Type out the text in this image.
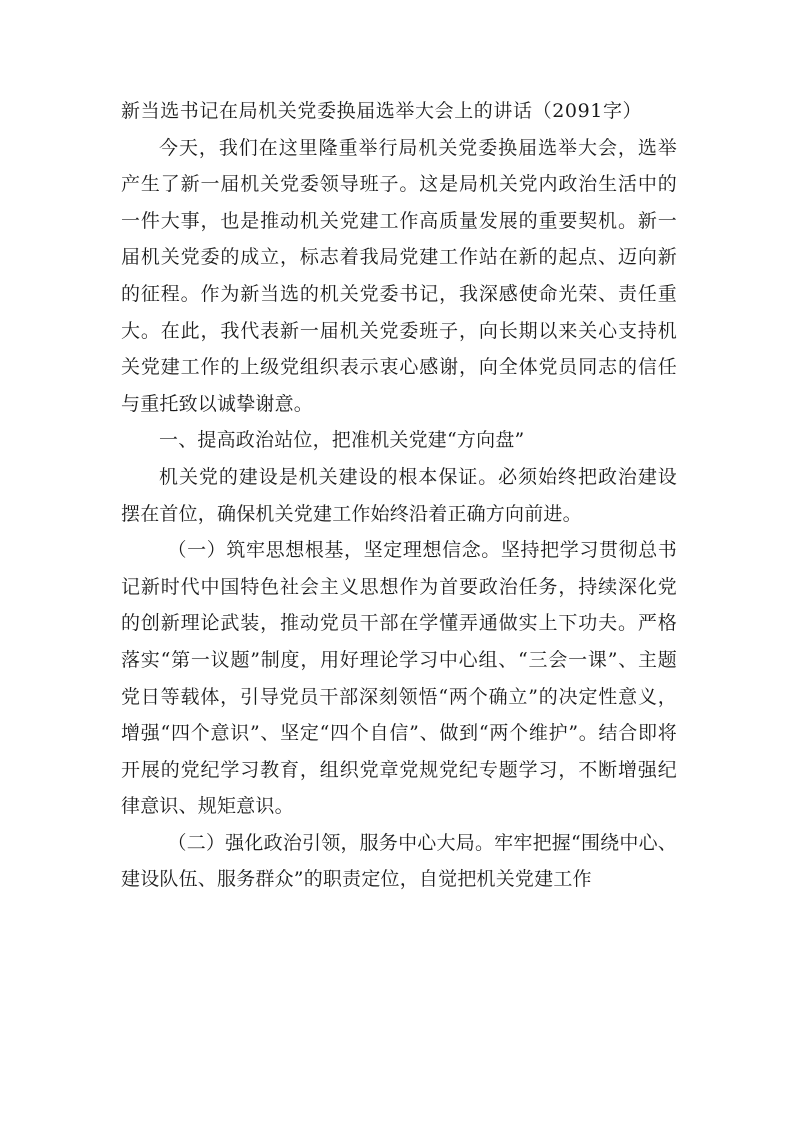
新当选书记在局机关党委换届选举大会上的讲话（2091字）

今天，我们在这里隆重举行局机关党委换届选举大会，选举产生了新一届机关党委领导班子。这是局机关党内政治生活中的一件大事，也是推动机关党建工作高质量发展的重要契机。新一届机关党委的成立，标志着我局党建工作站在新的起点、迈向新的征程。作为新当选的机关党委书记，我深感使命光荣、责任重大。在此，我代表新一届机关党委班子，向长期以来关心支持机关党建工作的上级党组织表示衷心感谢，向全体党员同志的信任与重托致以诚挚谢意。

一、提高政治站位，把准机关党建“方向盘”

机关党的建设是机关建设的根本保证。必须始终把政治建设摆在首位，确保机关党建工作始终沿着正确方向前进。

（一）筑牢思想根基，坚定理想信念。坚持把学习贯彻总书记新时代中国特色社会主义思想作为首要政治任务，持续深化党的创新理论武装，推动党员干部在学懂弄通做实上下功夫。严格落实“第一议题”制度，用好理论学习中心组、“三会一课”、主题党日等载体，引导党员干部深刻领悟“两个确立”的决定性意义，增强“四个意识”、坚定“四个自信”、做到“两个维护”。结合即将开展的党纪学习教育，组织党章党规党纪专题学习，不断增强纪律意识、规矩意识。

（二）强化政治引领，服务中心大局。牢牢把握“围绕中心、建设队伍、服务群众”的职责定位，自觉把机关党建工作
